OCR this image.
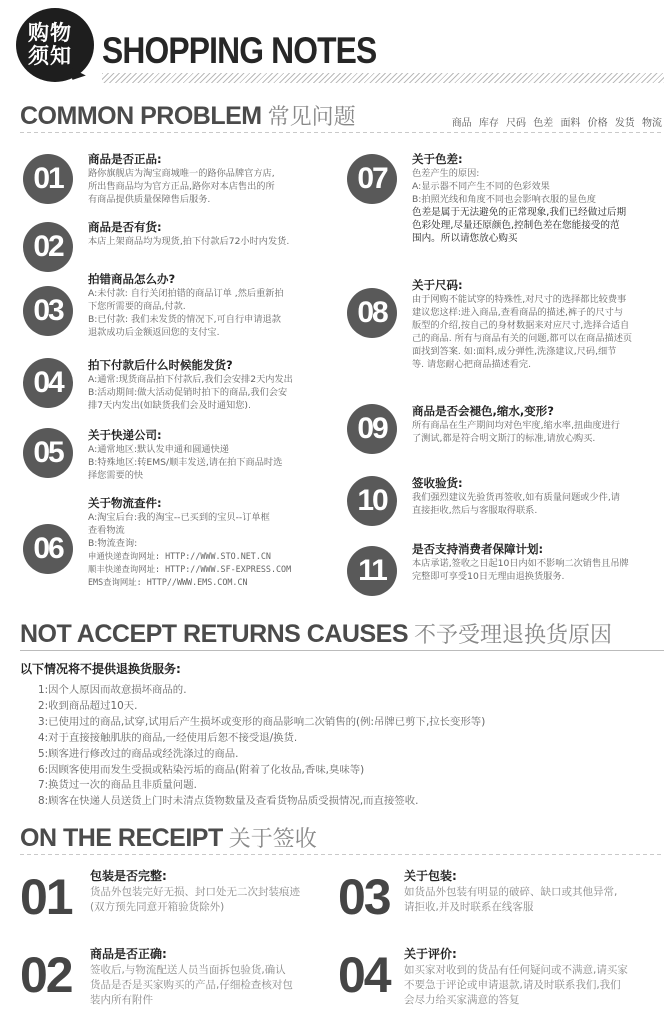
购物
须知 SHOPPING NOTES
COMMON PROBLEM 常见问题	商品 库存 尺码 色差 面料 价格 发货 物流
01
商品是否正品:
路你旗舰店为淘宝商城唯一的路你品牌官方店,
所出售商品均为官方正品,路你对本店售出的所
有商品提供质量保障售后服务.
02
商品是否有货:
本店上架商品均为现货,拍下付款后72小时内发货.
03
拍错商品怎么办?
A:未付款: 自行关闭拍错的商品订单 ,然后重新拍
下您所需要的商品,付款.
B:已付款: 我们未发货的情况下,可自行申请退款
退款成功后金额返回您的支付宝.
04
拍下付款后什么时候能发货?
A:通常:现货商品拍下付款后,我们会安排2天内发出
B:活动期间:做大活动促销时拍下的商品,我们会安
排7天内发出(如缺货我们会及时通知您).
05
关于快递公司:
A:通常地区:默认发申通和圆通快递
B:特殊地区:转EMS/顺丰发送,请在拍下商品时选
择您需要的快
06
关于物流查件:
A:淘宝后台:我的淘宝--已买到的宝贝--订单框
查看物流
B:物流查询:
申通快递查询网址: HTTP://WWW.STO.NET.CN
顺丰快递查询网址: HTTP://WWW.SF-EXPRESS.COM
EMS查询网址: HTTP//WWW.EMS.COM.CN
07
关于色差:
色差产生的原因:
A:显示器不同产生不同的色彩效果
B:拍照光线和角度不同也会影响衣服的显色度
色差是属于无法避免的正常现象,我们已经做过后期
色彩处理,尽量还原颜色,控制色差在您能接受的范
围内。所以请您放心购买
08
关于尺码:
由于网购不能试穿的特殊性,对尺寸的选择都比较费事
建议您这样:进入商品,查看商品的描述,裤子的尺寸与
版型的介绍,按自己的身材数据来对应尺寸,选择合适自
己的商品. 所有与商品有关的问题,都可以在商品描述页
面找到答案. 如:面料,成分弹性,洗涤建议,尺码,细节
等. 请您耐心把商品描述看完.
09
商品是否会褪色,缩水,变形?
所有商品在生产期间均对色牢度,缩水率,扭曲度进行
了测试,都是符合明文斯汀的标准,请放心购买.
10
签收验货:
我们强烈建议先验货再签收,如有质量问题或少件,请
直接拒收,然后与客服取得联系.
11
是否支持消费者保障计划:
本店承诺,签收之日起10日内如不影响二次销售且吊牌
完整即可享受10日无理由退换货服务.
NOT ACCEPT RETURNS CAUSES 不予受理退换货原因
以下情况将不提供退换货服务:
1:因个人原因而故意损坏商品的.
2:收到商品超过10天.
3:已使用过的商品,试穿,试用后产生损坏或变形的商品影响二次销售的(例:吊牌已剪下,拉长变形等)
4:对于直接接触肌肤的商品,一经使用后恕不接受退/换货.
5:顾客进行修改过的商品或经洗涤过的商品.
6:因顾客使用而发生受损或粘染污垢的商品(附着了化妆品,香味,臭味等)
7:换货过一次的商品且非质量问题.
8:顾客在快递人员送货上门时未清点货物数量及查看货物品质受损情况,而直接签收.
ON THE RECEIPT 关于签收
01 包装是否完整:
货品外包装完好无损、封口处无二次封装痕迹
(双方预先同意开箱验货除外)	03 关于包装:
如货品外包装有明显的破碎、缺口或其他异常,
请拒收,并及时联系在线客服
02 商品是否正确:
签收后,与物流配送人员当面拆包验货,确认
货品是否是买家购买的产品,仔细检查核对包
装内所有附件	04 关于评价:
如买家对收到的货品有任何疑问或不满意,请买家
不要急于评论或申请退款,请及时联系我们,我们
会尽力给买家满意的答复
